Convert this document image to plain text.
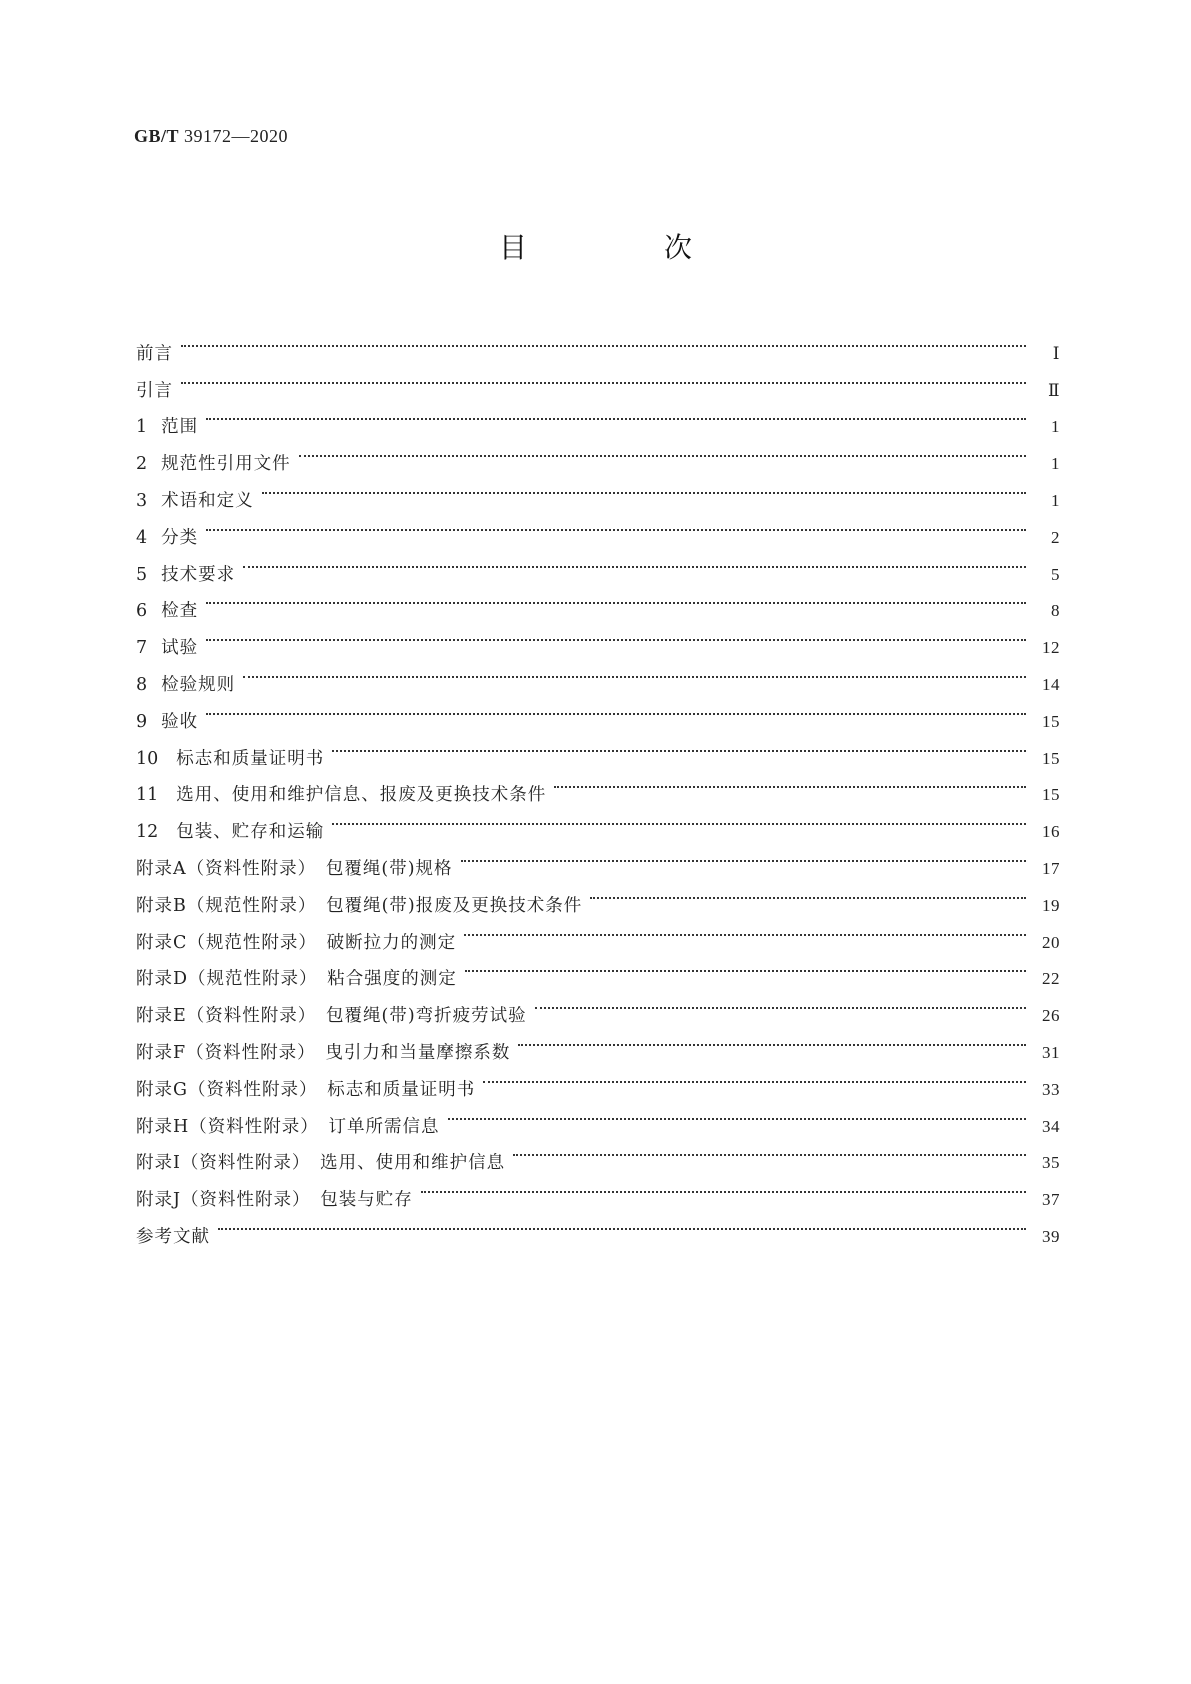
GB/T 39172—2020
目 次
前言	Ⅰ
引言	Ⅱ
1 范围	1
2 规范性引用文件	1
3 术语和定义	1
4 分类	2
5 技术要求	5
6 检查	8
7 试验	12
8 检验规则	14
9 验收	15
10 标志和质量证明书	15
11 选用、使用和维护信息、报废及更换技术条件	15
12 包装、贮存和运输	16
附录A（资料性附录）　包覆绳(带)规格	17
附录B（规范性附录）　包覆绳(带)报废及更换技术条件	19
附录C（规范性附录）　破断拉力的测定	20
附录D（规范性附录）　粘合强度的测定	22
附录E（资料性附录）　包覆绳(带)弯折疲劳试验	26
附录F（资料性附录）　曳引力和当量摩擦系数	31
附录G（资料性附录）　标志和质量证明书	33
附录H（资料性附录）　订单所需信息	34
附录I（资料性附录）　选用、使用和维护信息	35
附录J（资料性附录）　包装与贮存	37
参考文献	39
